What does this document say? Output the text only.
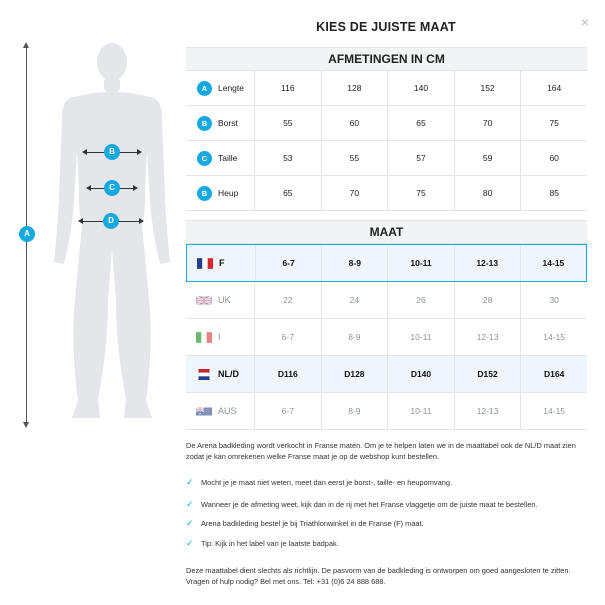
×
KIES DE JUISTE MAAT
A
B
C
D
AFMETINGEN IN CM
A	Lengte	116	128	140	152	164
B	Borst	55	60	65	70	75
C	Taille	53	55	57	59	60
B	Heup	65	70	75	80	85
MAAT
F	6-7	8-9	10-11	12-13	14-15
UK	22	24	26	28	30
I	6-7	8-9	10-11	12-13	14-15
NL/D	D116	D128	D140	D152	D164
AUS	6-7	8-9	10-11	12-13	14-15
De Arena badkleding wordt verkocht in Franse maten. Om je te helpen laten we in de maattabel ook de NL/D maat zien zodat je kan omrekenen welke Franse maat je op de webshop kunt bestellen.
✓ Mocht je je maat niet weten, meet dan eerst je borst-, taille- en heupomvang.
✓ Wanneer je de afmeting weet, kijk dan in de rij met het Franse vlaggetje om de juiste maat te bestellen.
✓ Arena badkleding bestel je bij Triathlonwinkel in de Franse (F) maat.
✓ Tip: Kijk in het label van je laatste badpak.
Deze maattabel dient slechts als richtlijn. De pasvorm van de badkleding is ontworpen om goed aangesloten te zitten. Vragen of hulp nodig? Bel met ons. Tel: +31 (0)6 24 888 688.
